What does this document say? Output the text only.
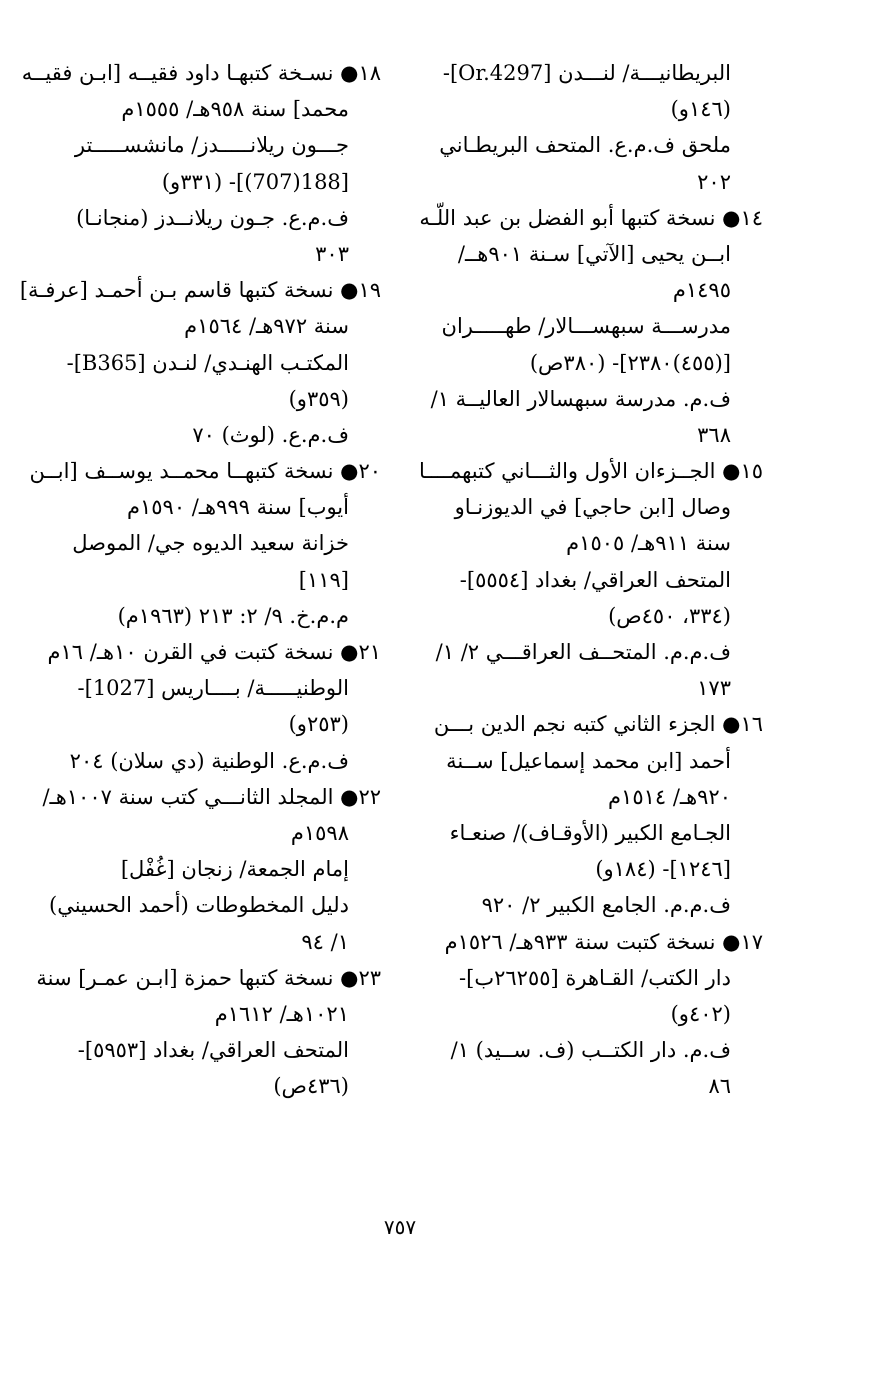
البريطانيـــة/ لنـــدن [Or.4297]-
(١٤٦و)
ملحق ف.م.ع. المتحف البريطـاني
٢٠٢
١٤● نسخة كتبها أبو الفضل بن عبد اللّـه
ابــن يحيى [الآتي] سـنة ٩٠١هــ/
١٤٩٥م
مدرســـة سبهســـالار/ طهـــــران
[(٤٥٥)٢٣٨٠]- (٣٨٠ص)
ف.م. مدرسة سبهسالار العاليــة ١/
٣٦٨
١٥● الجــزءان الأول والثـــاني كتبهمــــا
وصال [ابن حاجي] في الديوزنـاو
سنة ٩١١هـ/ ١٥٠٥م
المتحف العراقي/ بغداد [٥٥٥٤]-
(٣٣٤، ٤٥٠ص)
ف.م.م. المتحــف العراقـــي ٢/ ١/
١٧٣
١٦● الجزء الثاني كتبه نجم الدين بـــن
أحمد [ابن محمد إسماعيل] ســنة
٩٢٠هـ/ ١٥١٤م
الجـامع الكبير (الأوقـاف)/ صنعـاء
[١٢٤٦]- (١٨٤و)
ف.م.م. الجامع الكبير ٢/ ٩٢٠
١٧● نسخة كتبت سنة ٩٣٣هـ/ ١٥٢٦م
دار الكتب/ القـاهرة [٢٦٢٥٥ب]-
(٤٠٢و)
ف.م. دار الكتــب (ف. ســيد) ١/
٨٦
١٨● نسـخة كتبهـا داود فقيــه [ابـن فقيــه
محمد] سنة ٩٥٨هـ/ ١٥٥٥م
جـــون ريلانـــــدز/ مانشســـــتر
[188(707)]- (٣٣١و)
ف.م.ع. جـون ريلانــدز (منجانـا)
٣٠٣
١٩● نسخة كتبها قاسم بـن أحمـد [عرفـة]
سنة ٩٧٢هـ/ ١٥٦٤م
المكتـب الهنـدي/ لنـدن [B365]-
(٣٥٩و)
ف.م.ع. (لوث) ٧٠
٢٠● نسخة كتبهــا محمــد يوســف [ابــن
أيوب] سنة ٩٩٩هـ/ ١٥٩٠م
خزانة سعيد الديوه جي/ الموصل
[١١٩]
م.م.خ. ٩/ ٢: ٢١٣ (١٩٦٣م)
٢١● نسخة كتبت في القرن ١٠هـ/ ١٦م
الوطنيـــــة/ بــــاريس [1027]-
(٢٥٣و)
ف.م.ع. الوطنية (دي سلان) ٢٠٤
٢٢● المجلد الثانـــي كتب سنة ١٠٠٧هـ/
١٥٩٨م
إمام الجمعة/ زنجان [غُفْل]
دليل المخطوطات (أحمد الحسيني)
١/ ٩٤
٢٣● نسخة كتبها حمزة [ابـن عمـر] سنة
١٠٢١هـ/ ١٦١٢م
المتحف العراقي/ بغداد [٥٩٥٣]-
(٤٣٦ص)
٧٥٧
